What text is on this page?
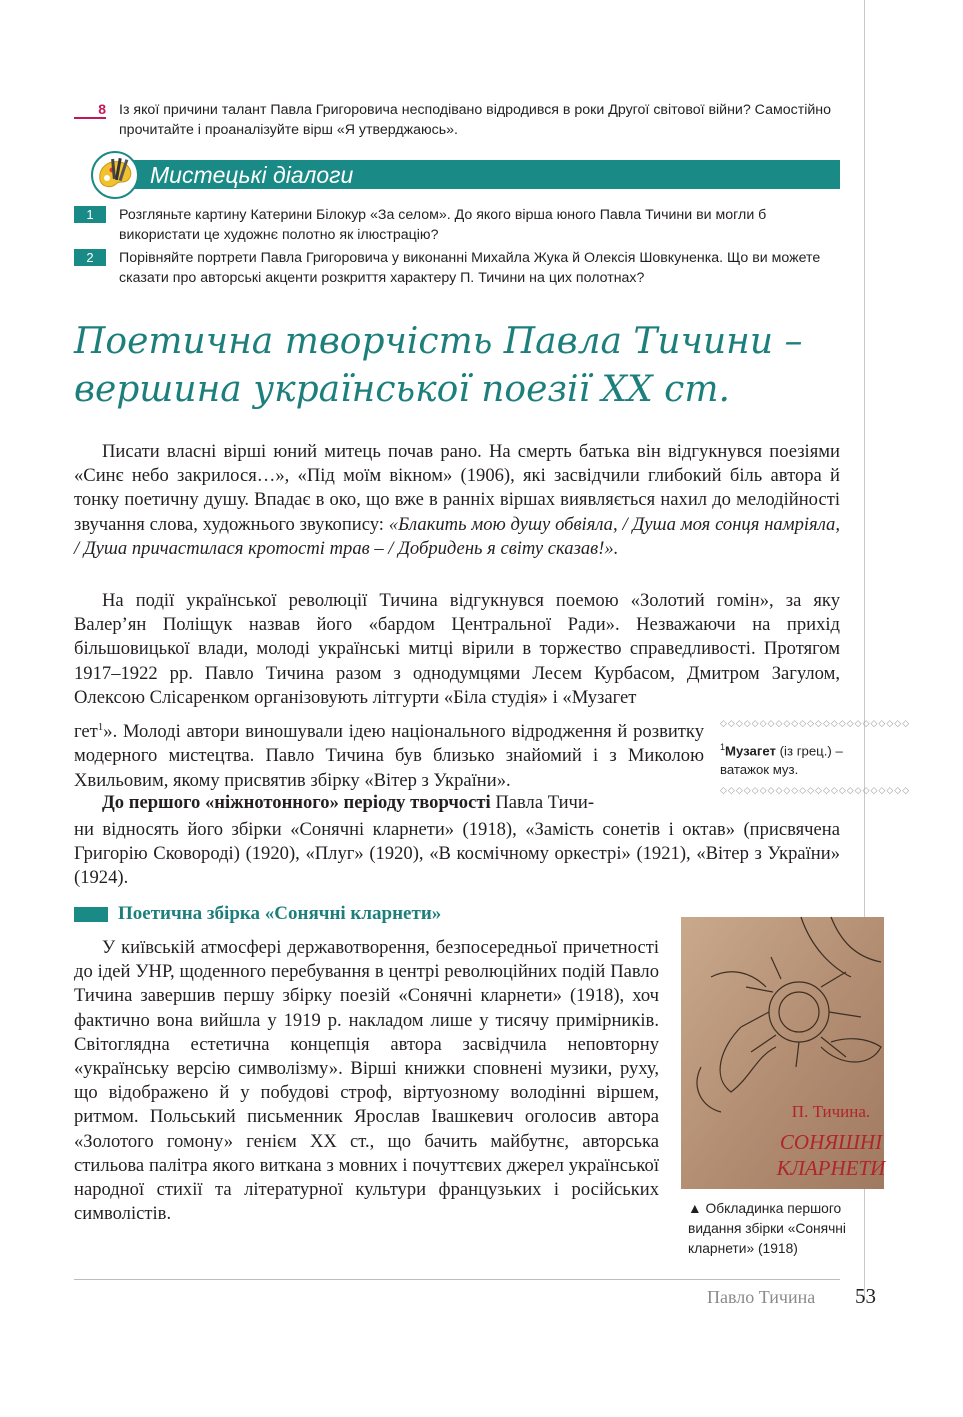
8 Із якої причини талант Павла Григоровича несподівано відродився в роки Другої світової війни? Самостійно прочитайте і проаналізуйте вірш «Я утверджаюсь».
Мистецькі діалоги
1	Розгляньте картину Катерини Білокур «За селом». До якого вірша юного Павла Тичини ви могли б використати це художнє полотно як ілюстрацію?
2	Порівняйте портрети Павла Григоровича у виконанні Михайла Жука й Олексія Шовкуненка. Що ви можете сказати про авторські акценти розкриття характеру П. Тичини на цих полотнах?
Поетична творчість Павла Тичини –
вершина української поезії ХХ ст.

Писати власні вірші юний митець почав рано. На смерть батька він відгукнувся поезіями «Синє небо закрилося…», «Під моїм вікном» (1906), які засвідчили глибокий біль автора й тонку поетичну душу. Впадає в око, що вже в ранніх віршах виявляється нахил до мелодійності звучання слова, художнього звукопису: «Блакить мою душу обвіяла, / Душа моя сонця намріяла, / Душа причастилася кротості трав – / Добридень я світу сказав!».

На події української революції Тичина відгукнувся поемою «Золотий гомін», за яку Валер’ян Поліщук назвав його «бардом Центральної Ради». Незважаючи на прихід більшовицької влади, молоді українські митці вірили в торжество справедливості. Протягом 1917–1922 рр. Павло Тичина разом з однодумцями Лесем Курбасом, Дмитром Загулом, Олексою Слісаренком організовують літгурти «Біла студія» і «Музагет

гет$^1$». Молоді автори виношували ідею національного відродження й розвитку модерного мистецтва. Павло Тичина був близько знайомий і з Миколою Хвильовим, якому присвятив збірку «Вітер з України».

До першого «ніжнотонного» періоду творчості Павла Тичи-

ни відносять його збірки «Сонячні кларнети» (1918), «Замість сонетів і октав» (присвячена Григорію Сковороді) (1920), «Плуг» (1920), «В космічному оркестрі» (1921), «Вітер з України» (1924).

◇◇◇◇◇◇◇◇◇◇◇◇◇◇◇◇◇◇◇◇◇◇◇◇
$^1$Музагет (із грец.) – ватажок муз.
◇◇◇◇◇◇◇◇◇◇◇◇◇◇◇◇◇◇◇◇◇◇◇◇
Поетична збірка «Сонячні кларнети»

У київській атмосфері державотворення, безпосередньої причетності до ідей УНР, щоденного перебування в центрі революційних подій Павло Тичина завершив першу збірку поезій «Сонячні кларнети» (1918), хоч фактично вона вийшла у 1919 р. накладом лише у тисячу примірників. Світоглядна естетична концепція автора засвідчила неповторну «українську версію символізму». Вірші книжки сповнені музики, руху, що відображено й у побудові строф, віртуозному володінні віршем, ритмом. Польський письменник Ярослав Івашкевич оголосив автора «Золотого гомону» генієм ХХ ст., що бачить майбутнє, авторська стильова палітра якого виткана з мовних і почуттєвих джерел української народної стихії та літературної культури французьких і російських символістів.

П. Тичина.
СОНЯШНІ
КЛАРНЕТИ
▲ Обкладинка першого видання збірки «Сонячні кларнети» (1918)
Павло Тичина 53
